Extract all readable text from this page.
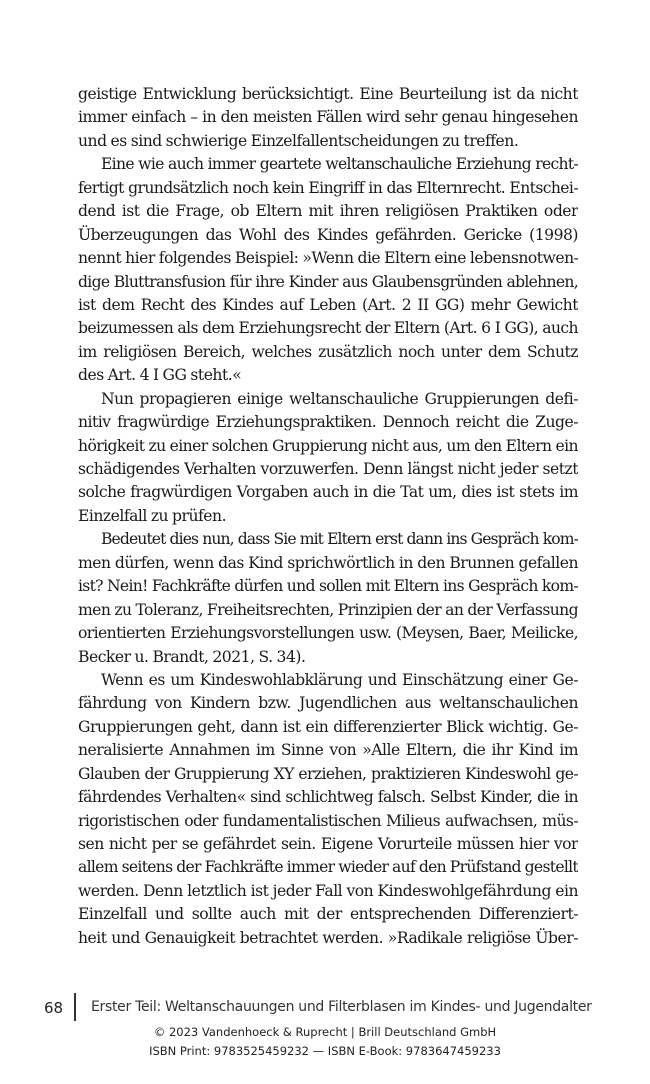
geistige Entwicklung berücksichtigt. Eine Beurteilung ist da nicht
immer einfach – in den meisten Fällen wird sehr genau hingesehen
und es sind schwierige Einzelfallentscheidungen zu treffen.
Eine wie auch immer geartete weltanschauliche Erziehung recht-
fertigt grundsätzlich noch kein Eingriff in das Elternrecht. Entschei-
dend ist die Frage, ob Eltern mit ihren religiösen Praktiken oder
Überzeugungen das Wohl des Kindes gefährden. Gericke (1998)
nennt hier folgendes Beispiel: »Wenn die Eltern eine lebensnotwen-
dige Bluttransfusion für ihre Kinder aus Glaubensgründen ablehnen,
ist dem Recht des Kindes auf Leben (Art. 2 II GG) mehr Gewicht
beizumessen als dem Erziehungsrecht der Eltern (Art. 6 I GG), auch
im religiösen Bereich, welches zusätzlich noch unter dem Schutz
des Art. 4 I GG steht.«
Nun propagieren einige weltanschauliche Gruppierungen defi-
nitiv fragwürdige Erziehungspraktiken. Dennoch reicht die Zuge-
hörigkeit zu einer solchen Gruppierung nicht aus, um den Eltern ein
schädigendes Verhalten vorzuwerfen. Denn längst nicht jeder setzt
solche fragwürdigen Vorgaben auch in die Tat um, dies ist stets im
Einzelfall zu prüfen.
Bedeutet dies nun, dass Sie mit Eltern erst dann ins Gespräch kom-
men dürfen, wenn das Kind sprichwörtlich in den Brunnen gefallen
ist? Nein! Fachkräfte dürfen und sollen mit Eltern ins Gespräch kom-
men zu Toleranz, Freiheitsrechten, Prinzipien der an der Verfassung
orientierten Erziehungsvorstellungen usw. (Meysen, Baer, Meilicke,
Becker u. Brandt, 2021, S. 34).
Wenn es um Kindeswohlabklärung und Einschätzung einer Ge-
fährdung von Kindern bzw. Jugendlichen aus weltanschaulichen
Gruppierungen geht, dann ist ein differenzierter Blick wichtig. Ge-
neralisierte Annahmen im Sinne von »Alle Eltern, die ihr Kind im
Glauben der Gruppierung XY erziehen, praktizieren Kindeswohl ge-
fährdendes Verhalten« sind schlichtweg falsch. Selbst Kinder, die in
rigoristischen oder fundamentalistischen Milieus aufwachsen, müs-
sen nicht per se gefährdet sein. Eigene Vorurteile müssen hier vor
allem seitens der Fachkräfte immer wieder auf den Prüfstand gestellt
werden. Denn letztlich ist jeder Fall von Kindeswohlgefährdung ein
Einzelfall und sollte auch mit der entsprechenden Differenziert-
heit und Genauigkeit betrachtet werden. »Radikale religiöse Über-
68 Erster Teil: Weltanschauungen und Filterblasen im Kindes- und Jugendalter
© 2023 Vandenhoeck & Ruprecht | Brill Deutschland GmbH
ISBN Print: 9783525459232 — ISBN E-Book: 9783647459233
